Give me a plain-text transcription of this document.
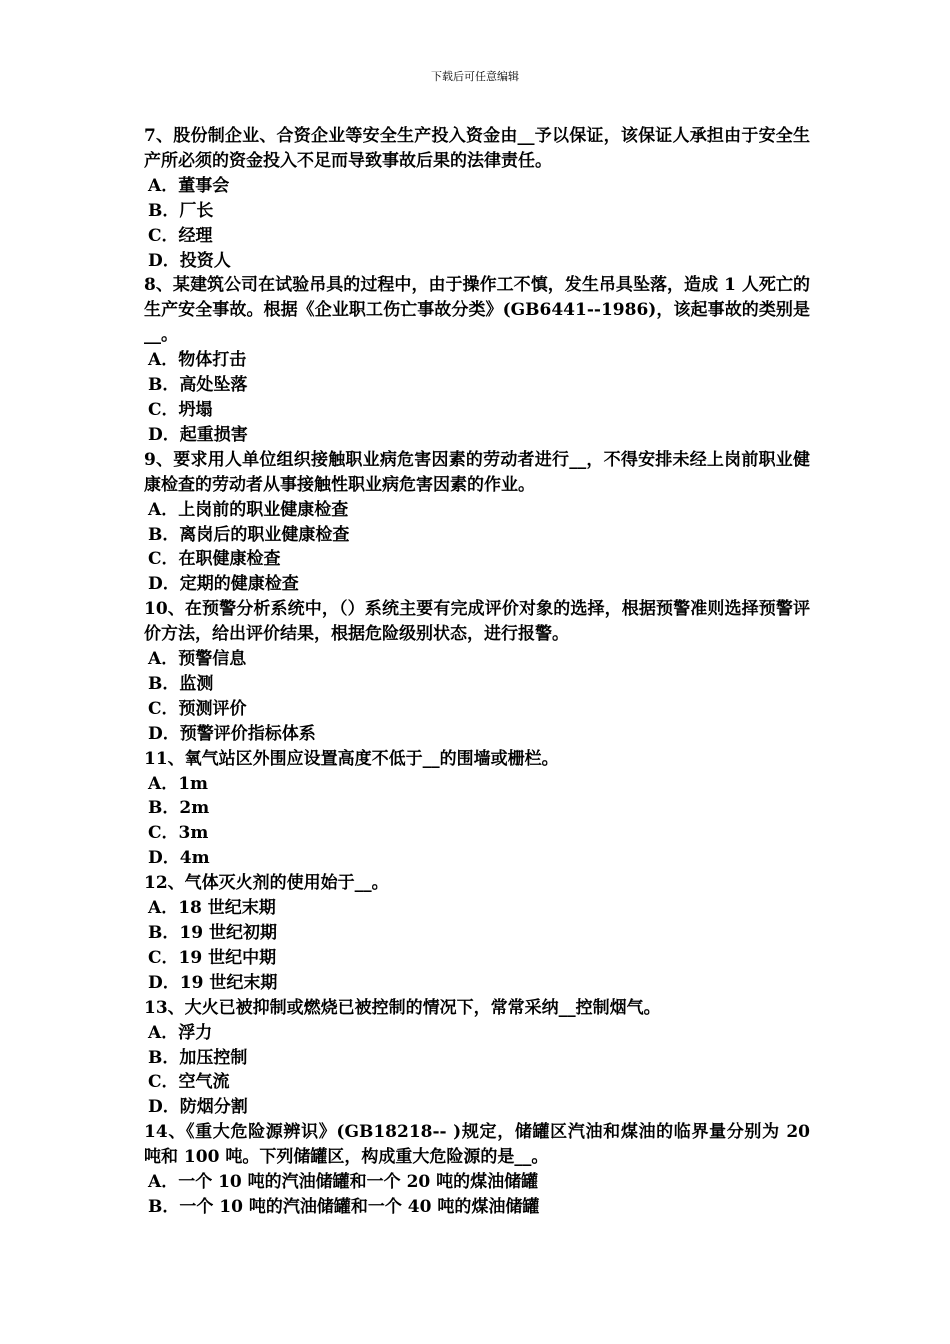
下载后可任意编辑

7、股份制企业、合资企业等安全生产投入资金由__予以保证，该保证人承担由于安全生产所必须的资金投入不足而导致事故后果的法律责任。

A．董事会
B．厂长
C．经理
D．投资人

8、某建筑公司在试验吊具的过程中，由于操作工不慎，发生吊具坠落，造成 1 人死亡的生产安全事故。根据《企业职工伤亡事故分类》(GB6441--1986)，该起事故的类别是__。

A．物体打击
B．高处坠落
C．坍塌
D．起重损害

9、要求用人单位组织接触职业病危害因素的劳动者进行__，不得安排未经上岗前职业健康检查的劳动者从事接触性职业病危害因素的作业。

A．上岗前的职业健康检查
B．离岗后的职业健康检查
C．在职健康检查
D．定期的健康检查

10、在预警分析系统中，（）系统主要有完成评价对象的选择，根据预警准则选择预警评价方法，给出评价结果，根据危险级别状态，进行报警。

A．预警信息
B．监测
C．预测评价
D．预警评价指标体系

11、氧气站区外围应设置高度不低于__的围墙或栅栏。

A．1m
B．2m
C．3m
D．4m

12、气体灭火剂的使用始于__。

A．18 世纪末期
B．19 世纪初期
C．19 世纪中期
D．19 世纪末期

13、大火已被抑制或燃烧已被控制的情况下，常常采纳__控制烟气。

A．浮力
B．加压控制
C．空气流
D．防烟分割

14、《重大危险源辨识》(GB18218-- )规定，储罐区汽油和煤油的临界量分别为 20 吨和 100 吨。下列储罐区，构成重大危险源的是__。

A．一个 10 吨的汽油储罐和一个 20 吨的煤油储罐
B．一个 10 吨的汽油储罐和一个 40 吨的煤油储罐
